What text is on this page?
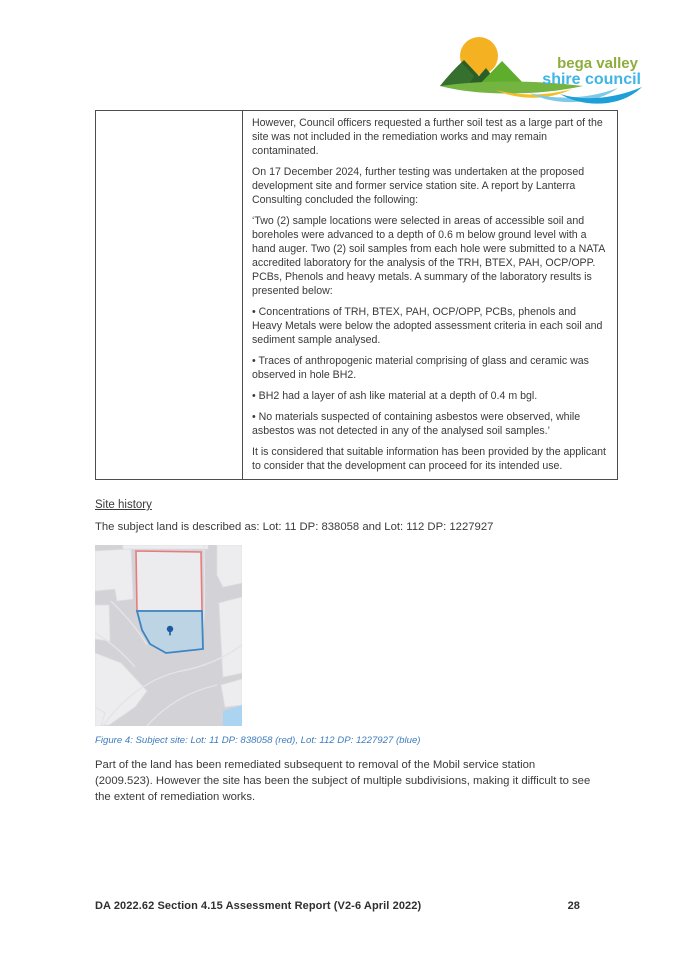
bega valley
shire council

However, Council officers requested a further soil test as a large part of the site was not included in the remediation works and may remain contaminated.

On 17 December 2024, further testing was undertaken at the proposed development site and former service station site. A report by Lanterra Consulting concluded the following:

‘Two (2) sample locations were selected in areas of accessible soil and boreholes were advanced to a depth of 0.6 m below ground level with a hand auger. Two (2) soil samples from each hole were submitted to a NATA accredited laboratory for the analysis of the TRH, BTEX, PAH, OCP/OPP. PCBs, Phenols and heavy metals. A summary of the laboratory results is presented below:

• Concentrations of TRH, BTEX, PAH, OCP/OPP, PCBs, phenols and Heavy Metals were below the adopted assessment criteria in each soil and sediment sample analysed.

• Traces of anthropogenic material comprising of glass and ceramic was observed in hole BH2.

• BH2 had a layer of ash like material at a depth of 0.4 m bgl.

• No materials suspected of containing asbestos were observed, while asbestos was not detected in any of the analysed soil samples.’

It is considered that suitable information has been provided by the applicant to consider that the development can proceed for its intended use.

Site history

The subject land is described as: Lot: 11 DP: 838058 and Lot: 112 DP: 1227927

Figure 4: Subject site: Lot: 11 DP: 838058 (red), Lot: 112 DP: 1227927 (blue)

Part of the land has been remediated subsequent to removal of the Mobil service station (2009.523). However the site has been the subject of multiple subdivisions, making it difficult to see the extent of remediation works.

DA 2022.62 Section 4.15 Assessment Report (V2-6 April 2022)	28
